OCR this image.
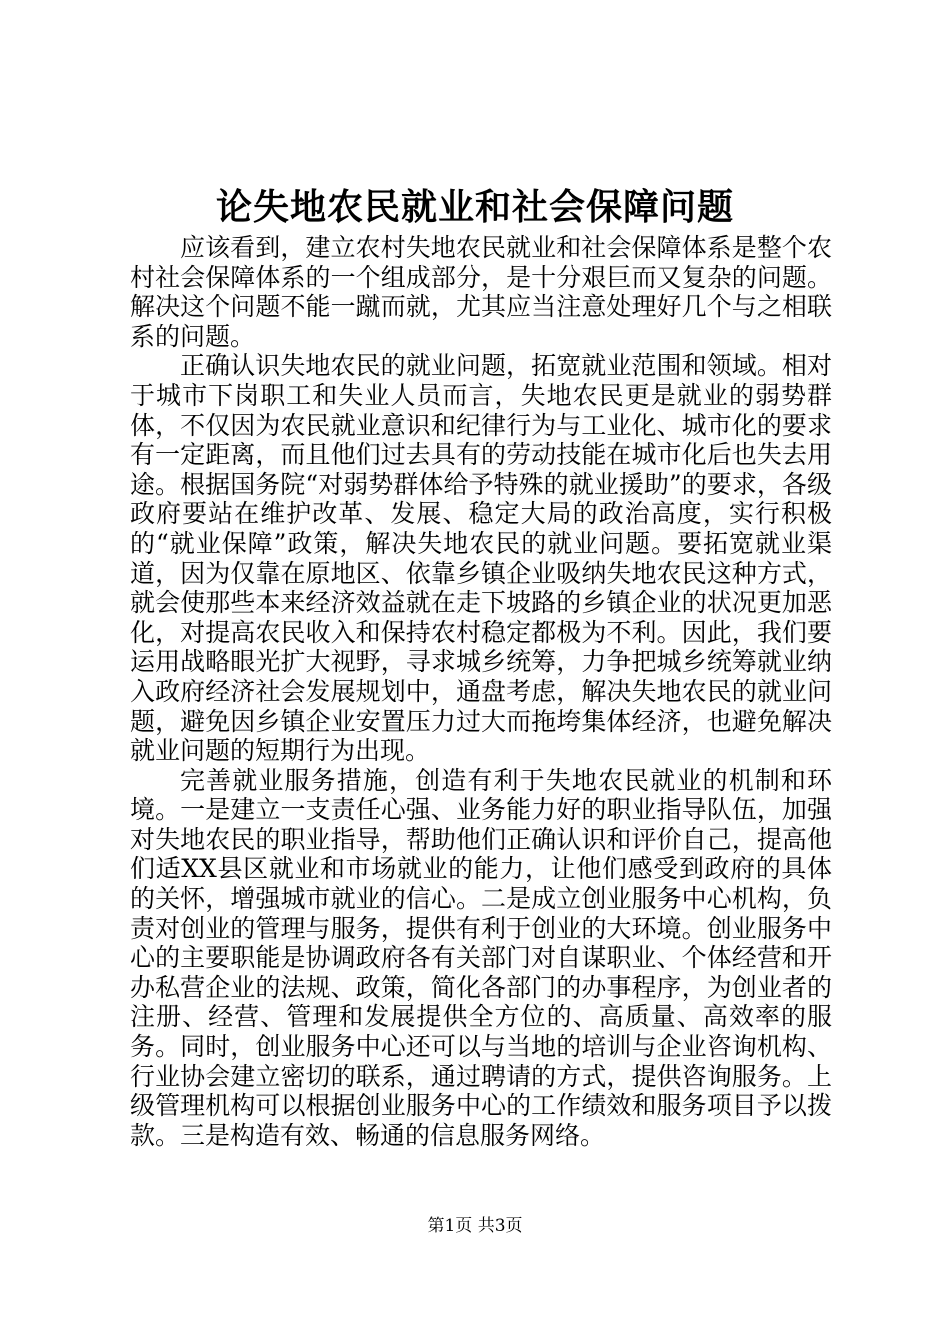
论失地农民就业和社会保障问题

应该看到，建立农村失地农民就业和社会保障体系是整个农村社会保障体系的一个组成部分，是十分艰巨而又复杂的问题。解决这个问题不能一蹴而就，尤其应当注意处理好几个与之相联系的问题。

正确认识失地农民的就业问题，拓宽就业范围和领域。相对于城市下岗职工和失业人员而言，失地农民更是就业的弱势群体，不仅因为农民就业意识和纪律行为与工业化、城市化的要求有一定距离，而且他们过去具有的劳动技能在城市化后也失去用途。根据国务院“对弱势群体给予特殊的就业援助”的要求，各级政府要站在维护改革、发展、稳定大局的政治高度，实行积极的“就业保障”政策，解决失地农民的就业问题。要拓宽就业渠道，因为仅靠在原地区、依靠乡镇企业吸纳失地农民这种方式，就会使那些本来经济效益就在走下坡路的乡镇企业的状况更加恶化，对提高农民收入和保持农村稳定都极为不利。因此，我们要运用战略眼光扩大视野，寻求城乡统筹，力争把城乡统筹就业纳入政府经济社会发展规划中，通盘考虑，解决失地农民的就业问题，避免因乡镇企业安置压力过大而拖垮集体经济，也避免解决就业问题的短期行为出现。

完善就业服务措施，创造有利于失地农民就业的机制和环境。一是建立一支责任心强、业务能力好的职业指导队伍，加强对失地农民的职业指导，帮助他们正确认识和评价自己，提高他们适XX县区就业和市场就业的能力，让他们感受到政府的具体的关怀，增强城市就业的信心。二是成立创业服务中心机构，负责对创业的管理与服务，提供有利于创业的大环境。创业服务中心的主要职能是协调政府各有关部门对自谋职业、个体经营和开办私营企业的法规、政策，简化各部门的办事程序，为创业者的注册、经营、管理和发展提供全方位的、高质量、高效率的服务。同时，创业服务中心还可以与当地的培训与企业咨询机构、行业协会建立密切的联系，通过聘请的方式，提供咨询服务。上级管理机构可以根据创业服务中心的工作绩效和服务项目予以拨款。三是构造有效、畅通的信息服务网络。

第1页 共3页
